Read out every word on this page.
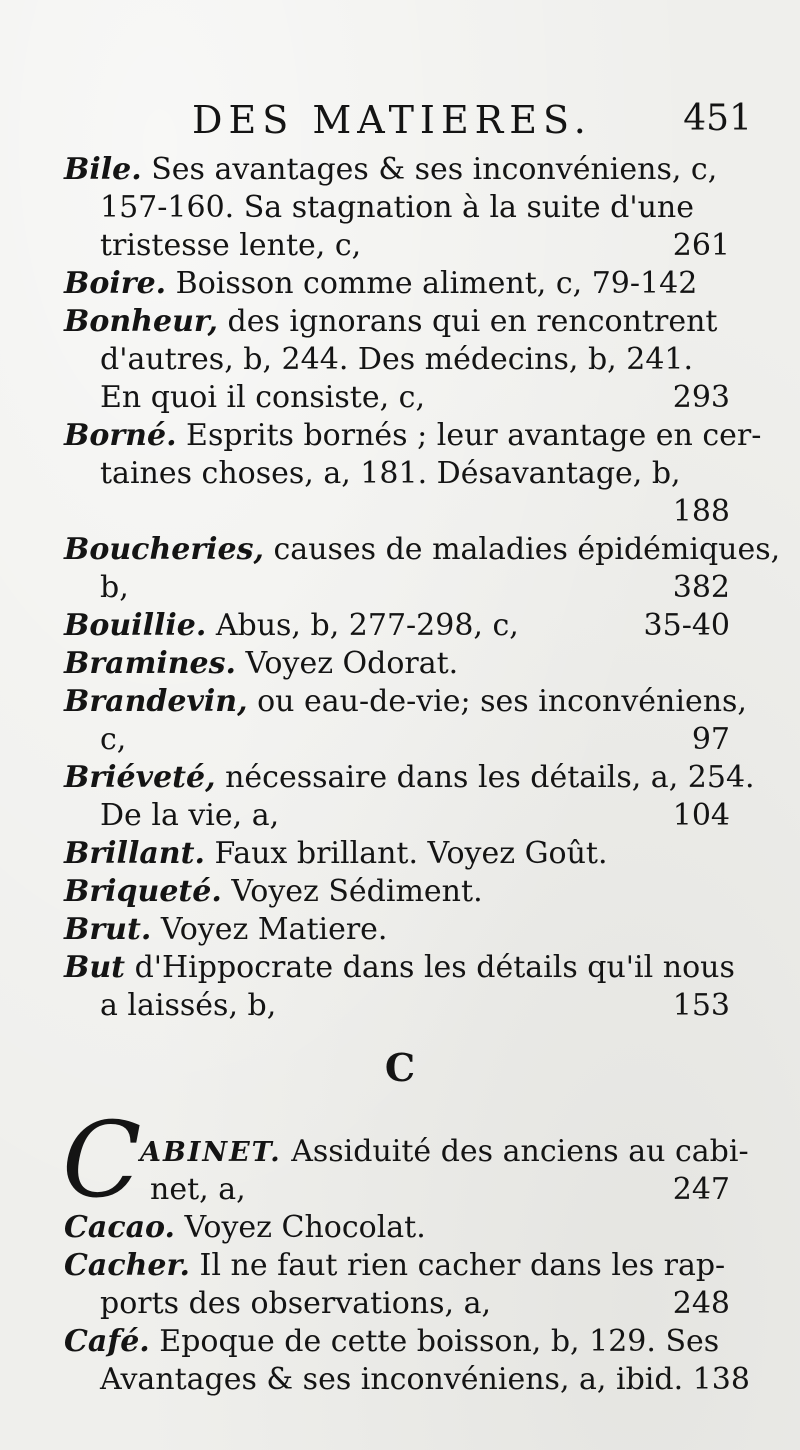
DES MATIERES.	451
Bile. Ses avantages & ses inconvéniens, c,
157-160. Sa stagnation à la suite d'une
tristesse lente, c,	261
Boire. Boisson comme aliment, c, 79-142
Bonheur, des ignorans qui en rencontrent
d'autres, b, 244. Des médecins, b, 241.
En quoi il consiste, c,	293
Borné. Esprits bornés ; leur avantage en cer-
taines choses, a, 181. Désavantage, b,
188
Boucheries, causes de maladies épidémiques,
b,	382
Bouillie. Abus, b, 277-298, c,	35-40
Bramines. Voyez Odorat.
Brandevin, ou eau-de-vie; ses inconvéniens,
c,	97
Briéveté, nécessaire dans les détails, a, 254.
De la vie, a,	104
Brillant. Faux brillant. Voyez Goût.
Briqueté. Voyez Sédiment.
Brut. Voyez Matiere.
But d'Hippocrate dans les détails qu'il nous
a laissés, b,	153
C
ABINET. Assiduité des anciens au cabi-
C net, a,	247
Cacao. Voyez Chocolat.
Cacher. Il ne faut rien cacher dans les rap-
ports des observations, a,	248
Café. Epoque de cette boisson, b, 129. Ses
Avantages & ses inconvéniens, a, ibid. 138
